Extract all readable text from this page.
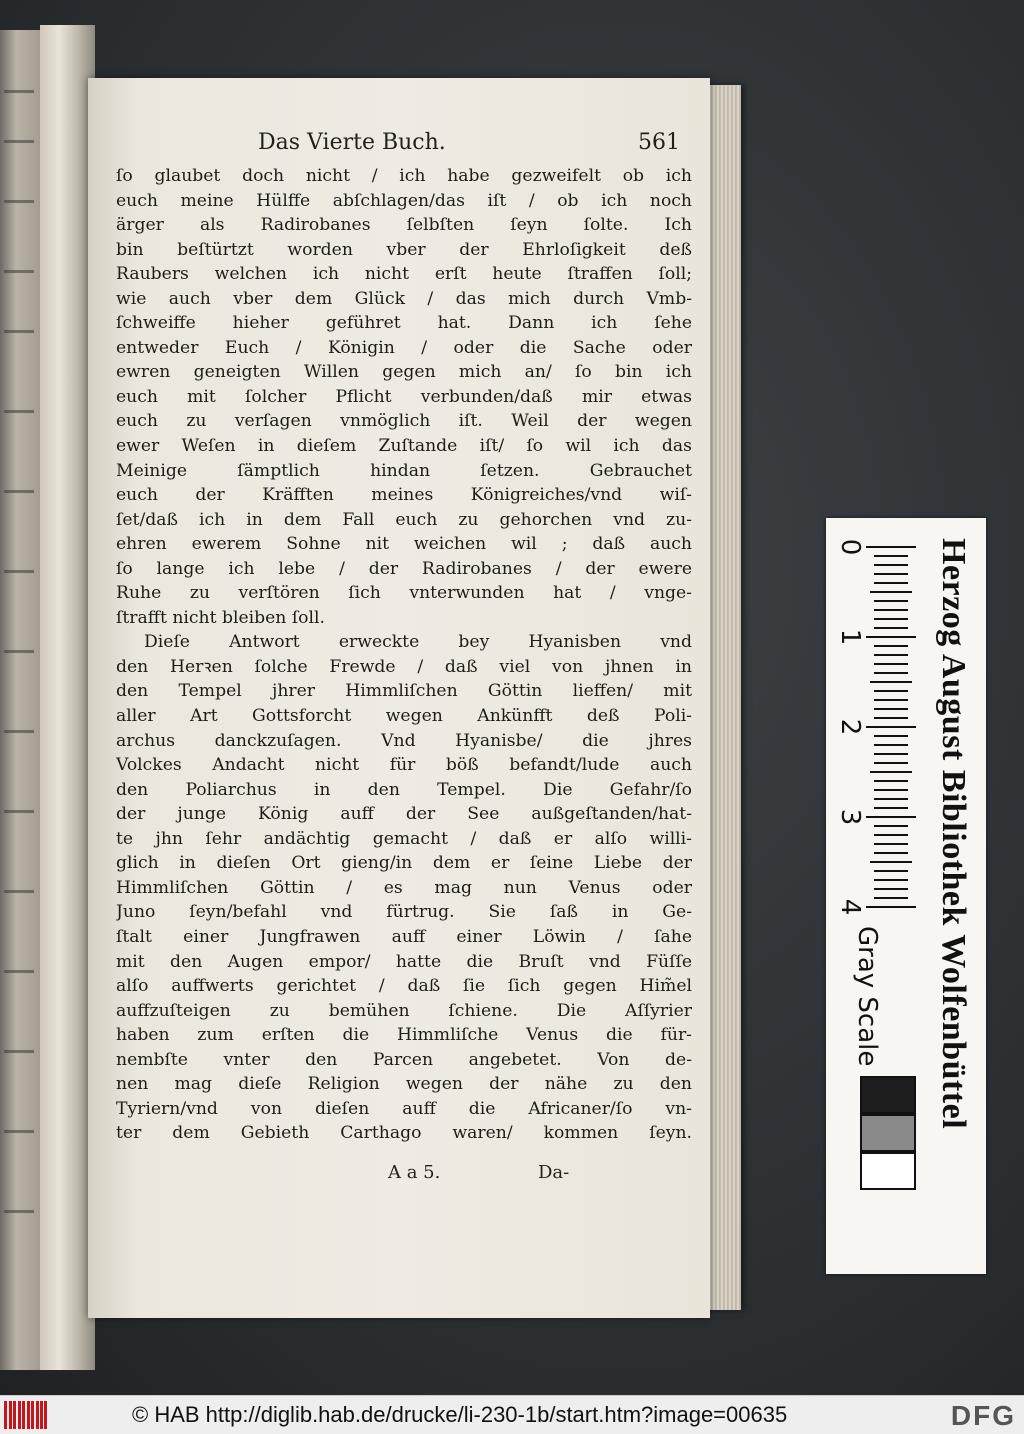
Das Vierte Buch.	561
ſo glaubet doch nicht / ich habe gezweifelt ob ich
euch meine Hülffe abſchlagen/das iſt / ob ich noch
ärger als Radirobanes ſelbſten ſeyn ſolte. Ich
bin beſtürtzt worden vber der Ehrloſigkeit deß
Raubers welchen ich nicht erſt heute ſtraffen ſoll;
wie auch vber dem Glück / das mich durch Vmb-
ſchweiffe hieher geführet hat. Dann ich ſehe
entweder Euch / Königin / oder die Sache oder
ewren geneigten Willen gegen mich an/ ſo bin ich
euch mit ſolcher Pflicht verbunden/daß mir etwas
euch zu verſagen vnmöglich iſt. Weil der wegen
ewer Weſen in dieſem Zuſtande iſt/ ſo wil ich das
Meinige ſämptlich hindan ſetzen. Gebrauchet
euch der Kräfften meines Königreiches/vnd wiſ-
ſet/daß ich in dem Fall euch zu gehorchen vnd zu-
ehren ewerem Sohne nit weichen wil ; daß auch
ſo lange ich lebe / der Radirobanes / der ewere
Ruhe zu verſtören ſich vnterwunden hat / vnge-
ſtrafft nicht bleiben ſoll.
Dieſe Antwort erweckte bey Hyanisben vnd
den Herꝛen ſolche Frewde / daß viel von jhnen in
den Tempel jhrer Himmliſchen Göttin lieffen/ mit
aller Art Gottsforcht wegen Ankünfft deß Poli-
archus danckzuſagen. Vnd Hyanisbe/ die jhres
Volckes Andacht nicht für böß befandt/lude auch
den Poliarchus in den Tempel. Die Gefahr/ſo
der junge König auff der See außgeſtanden/hat-
te jhn ſehr andächtig gemacht / daß er alſo willi-
glich in dieſen Ort gieng/in dem er ſeine Liebe der
Himmliſchen Göttin / es mag nun Venus oder
Juno ſeyn/befahl vnd fürtrug. Sie ſaß in Ge-
ſtalt einer Jungfrawen auff einer Löwin / ſahe
mit den Augen empor/ hatte die Bruſt vnd Füſſe
alſo auffwerts gerichtet / daß ſie ſich gegen Him̃el
auffzuſteigen zu bemühen ſchiene. Die Aſſyrier
haben zum erſten die Himmliſche Venus die für-
nembſte vnter den Parcen angebetet. Von de-
nen mag dieſe Religion wegen der nähe zu den
Tyriern/vnd von dieſen auff die Africaner/ſo vn-
ter dem Gebieth Carthago waren/ kommen ſeyn.
A a 5.	Da-
0
1
2
3
4
Gray Scale Herzog August Bibliothek Wolfenbüttel
© HAB http://diglib.hab.de/drucke/li-230-1b/start.htm?image=00635	DFG
